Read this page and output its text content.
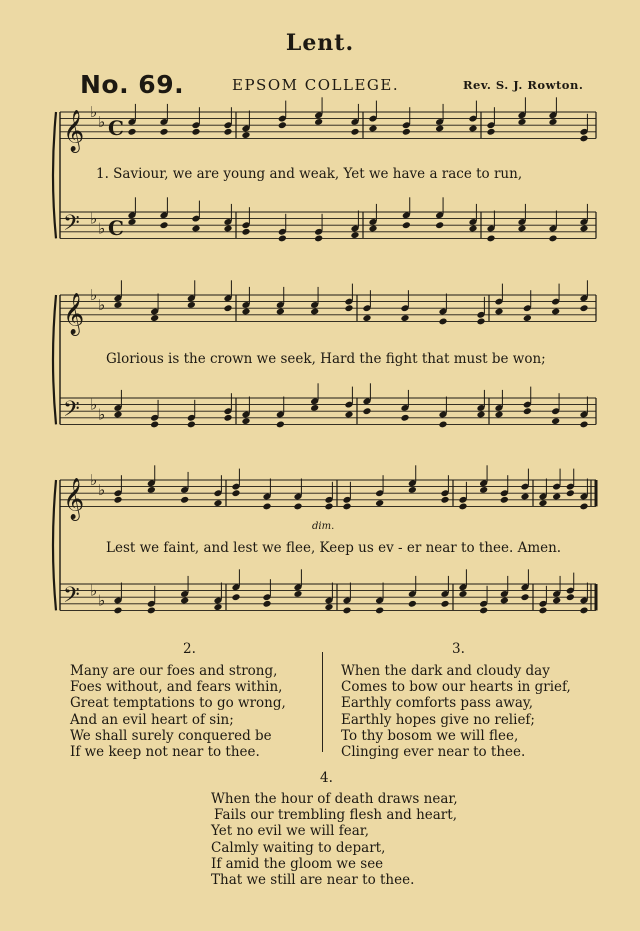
Lent.
No. 69.	EPSOM COLLEGE.	Rev. S. J. Rowton.
𝄞 ♭
♭ C
𝄢 ♭
♭ C
𝄞 ♭
♭
𝄢 ♭
♭
𝄞 ♭
♭
𝄢 ♭
♭
dim.
1. Saviour, we are young and weak, Yet we have a race to run,
Glorious is the crown we seek, Hard the fight that must be won;
Lest we faint, and lest we flee, Keep us ev - er near to thee. Amen.
2.
Many are our foes and strong,
Foes without, and fears within,
Great temptations to go wrong,
And an evil heart of sin;
We shall surely conquered be
If we keep not near to thee.
3.
When the dark and cloudy day
Comes to bow our hearts in grief,
Earthly comforts pass away,
Earthly hopes give no relief;
To thy bosom we will flee,
Clinging ever near to thee.
4.
When the hour of death draws near,
Fails our trembling flesh and heart,
Yet no evil we will fear,
Calmly waiting to depart,
If amid the gloom we see
That we still are near to thee.
